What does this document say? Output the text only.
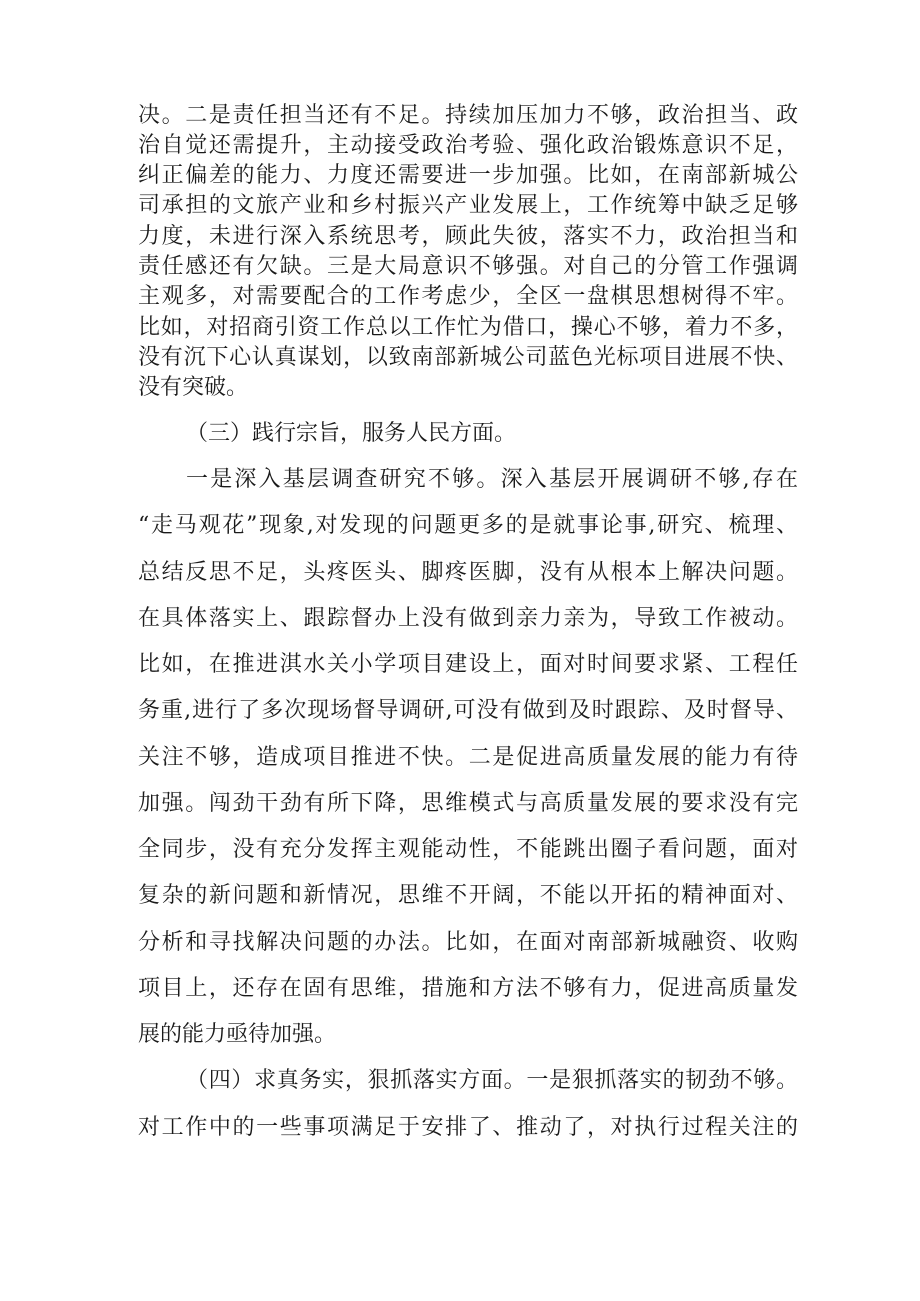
决。二是责任担当还有不足。持续加压加力不够，政治担当、政
治自觉还需提升，主动接受政治考验、强化政治锻炼意识不足，
纠正偏差的能力、力度还需要进一步加强。比如，在南部新城公
司承担的文旅产业和乡村振兴产业发展上，工作统筹中缺乏足够
力度，未进行深入系统思考，顾此失彼，落实不力，政治担当和
责任感还有欠缺。三是大局意识不够强。对自己的分管工作强调
主观多，对需要配合的工作考虑少，全区一盘棋思想树得不牢。
比如，对招商引资工作总以工作忙为借口，操心不够，着力不多，
没有沉下心认真谋划，以致南部新城公司蓝色光标项目进展不快、
没有突破。
（三）践行宗旨，服务人民方面。
一是深入基层调查研究不够。深入基层开展调研不够,存在
“走马观花”现象,对发现的问题更多的是就事论事,研究、梳理、
总结反思不足，头疼医头、脚疼医脚，没有从根本上解决问题。
在具体落实上、跟踪督办上没有做到亲力亲为，导致工作被动。
比如，在推进淇水关小学项目建设上，面对时间要求紧、工程任
务重,进行了多次现场督导调研,可没有做到及时跟踪、及时督导、
关注不够，造成项目推进不快。二是促进高质量发展的能力有待
加强。闯劲干劲有所下降，思维模式与高质量发展的要求没有完
全同步，没有充分发挥主观能动性，不能跳出圈子看问题，面对
复杂的新问题和新情况，思维不开阔，不能以开拓的精神面对、
分析和寻找解决问题的办法。比如，在面对南部新城融资、收购
项目上，还存在固有思维，措施和方法不够有力，促进高质量发
展的能力亟待加强。
（四）求真务实，狠抓落实方面。一是狠抓落实的韧劲不够。
对工作中的一些事项满足于安排了、推动了，对执行过程关注的
